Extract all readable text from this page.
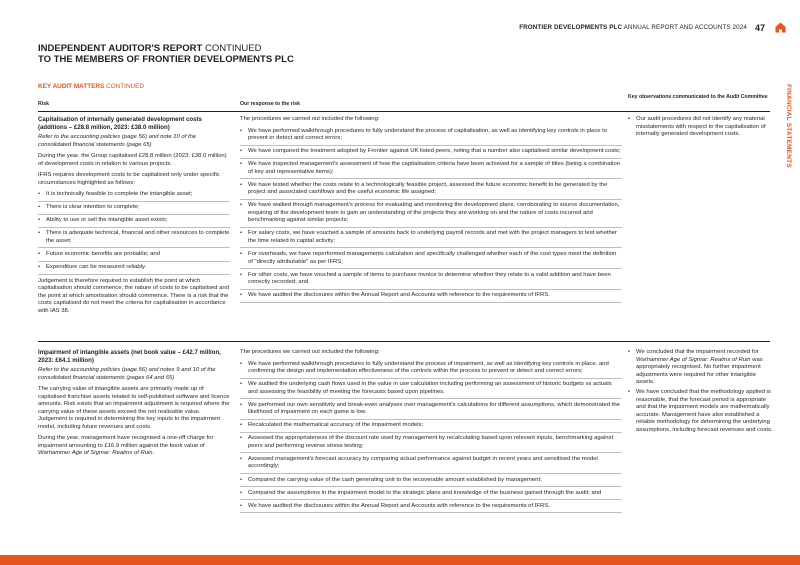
FRONTIER DEVELOPMENTS PLC ANNUAL REPORT AND ACCOUNTS 2024 47
INDEPENDENT AUDITOR'S REPORT CONTINUED
TO THE MEMBERS OF FRONTIER DEVELOPMENTS PLC
KEY AUDIT MATTERS CONTINUED	FINANCIAL STATEMENTS
Risk	Our response to the risk
Key observations communicated to the Audit Committee

Capitalisation of internally generated development costs (additions – £28.8 million, 2023: £38.0 million)

Refer to the accounting policies (page 56) and note 10 of the consolidated financial statements (page 65)

During the year, the Group capitalised £28.8 million (2023: £38.0 million) of development costs in relation to various projects.

IFRS requires development costs to be capitalised only under specific circumstances highlighted as follows:

• It is technically feasible to complete the intangible asset;
• There is clear intention to complete;
• Ability to use or sell the intangible asset exists;
• There is adequate technical, financial and other resources to complete the asset;
• Future economic benefits are probable; and
• Expenditure can be measured reliably.

Judgement is therefore required to establish the point at which capitalisation should commence, the nature of costs to be capitalised and the point at which amortisation should commence. There is a risk that the costs capitalised do not meet the criteria for capitalisation in accordance with IAS 38.

The procedures we carried out included the following:

• We have performed walkthrough procedures to fully understand the process of capitalisation, as well as identifying key controls in place to prevent or detect and correct errors;
• We have compared the treatment adopted by Frontier against UK listed peers, noting that a number also capitalised similar development costs;
• We have inspected management's assessment of how the capitalisation criteria have been achieved for a sample of titles (being a combination of key and representative items);
• We have tested whether the costs relate to a technologically feasible project, assessed the future economic benefit to be generated by the project and associated cashflows and the useful economic life assigned;
• We have walked through management's process for evaluating and monitoring the development plans, corroborating to source documentation, enquiring of the development team to gain an understanding of the projects they are working on and the nature of costs incurred and benchmarking against similar projects;
• For salary costs, we have vouched a sample of amounts back to underlying payroll records and met with the project managers to test whether the time related to capital activity;
• For overheads, we have reperformed managements calculation and specifically challenged whether each of the cost types meet the definition of "directly attributable" as per IFRS;
• For other costs, we have vouched a sample of items to purchase invoice to determine whether they relate to a valid addition and have been correctly recorded; and
• We have audited the disclosures within the Annual Report and Accounts with reference to the requirements of IFRS.
• Our audit procedures did not identify any material misstatements with respect to the capitalisation of internally generated development costs.

Impairment of intangible assets (net book value – £42.7 million, 2023: £64.1 million)

Refer to the accounting policies (page 56) and notes 9 and 10 of the consolidated financial statements (pages 64 and 65)

The carrying value of intangible assets are primarily made up of capitalised franchise assets related to self-published software and licence amounts. Risk exists that an impairment adjustment is required where the carrying value of these assets exceed the net realisable value. Judgement is required in determining the key inputs to the impairment model, including future revenues and costs.

During the year, management have recognised a one-off charge for impairment amounting to £16.9 million against the book value of Warhammer Age of Sigmar: Realms of Ruin.

The procedures we carried out included the following:

• We have performed walkthrough procedures to fully understand the process of impairment, as well as identifying key controls in place, and confirming the design and implementation effectiveness of the controls within the process to prevent or detect and correct errors;
• We audited the underlying cash flows used in the value in use calculation including performing an assessment of historic budgets vs actuals and assessing the feasibility of meeting the forecasts based upon pipelines.
• We performed our own sensitivity and break-even analyses over management's calculations for different assumptions, which demonstrated the likelihood of impairment on each game is low.
• Recalculated the mathematical accuracy of the impairment models;
• Assessed the appropriateness of the discount rate used by management by recalculating based upon relevant inputs, benchmarking against peers and performing reverse stress testing;
• Assessed management's forecast accuracy by comparing actual performance against budget in recent years and sensitised the model accordingly;
• Compared the carrying value of the cash generating unit to the recoverable amount established by management;
• Compared the assumptions in the impairment model to the strategic plans and knowledge of the business gained through the audit; and
• We have audited the disclosures within the Annual Report and Accounts with reference to the requirements of IFRS.
• We concluded that the impairment recorded for Warhammer Age of Sigmar: Realms of Ruin was appropriately recognised. No further impairment adjustments were required for other intangible assets.
• We have concluded that the methodology applied is reasonable, that the forecast period is appropriate and that the impairment models are mathematically accurate. Management have also established a reliable methodology for determining the underlying assumptions, including forecast revenues and costs.
